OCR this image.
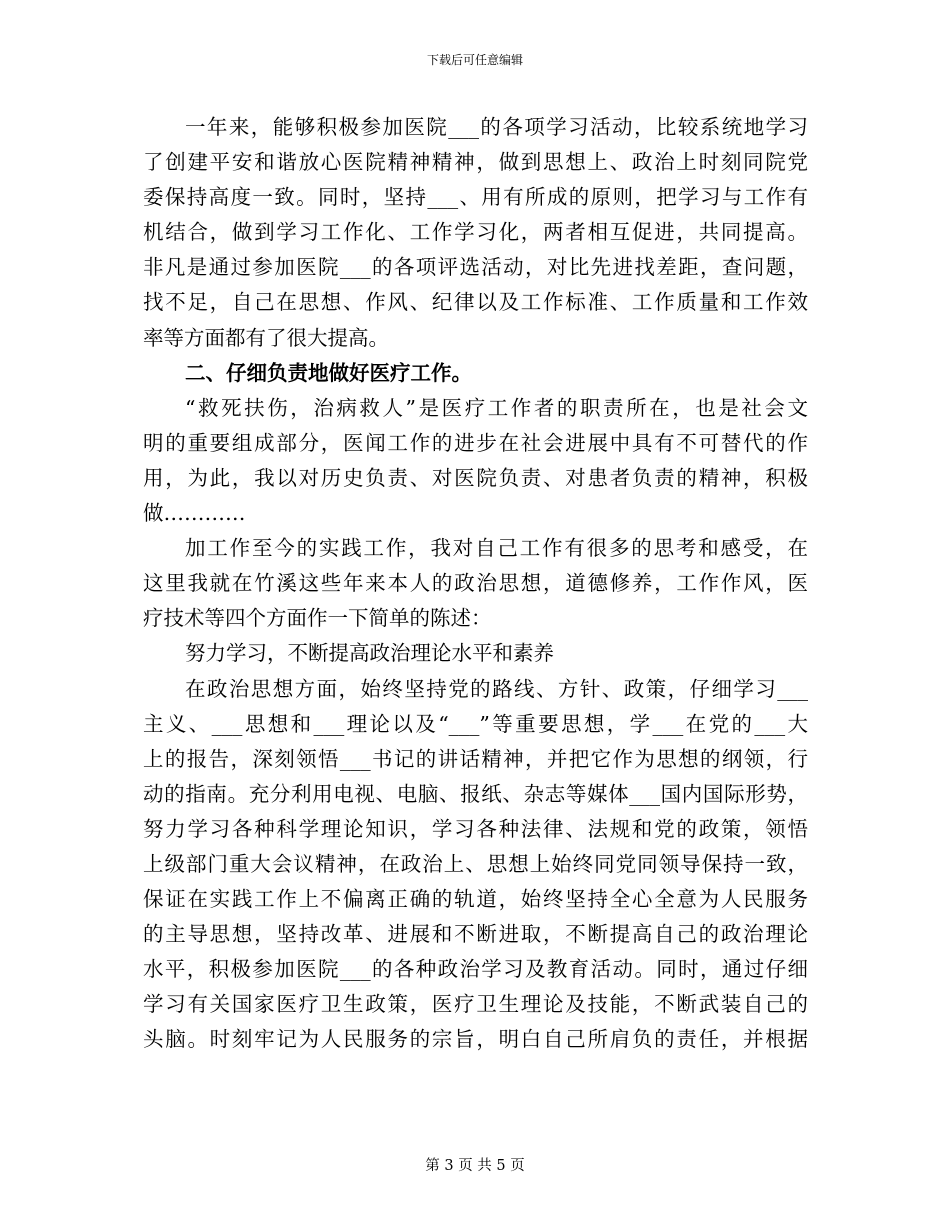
下载后可任意编辑
一年来，能够积极参加医院___的各项学习活动，比较系统地学习
了创建平安和谐放心医院精神精神，做到思想上、政治上时刻同院党
委保持高度一致。同时，坚持___、用有所成的原则，把学习与工作有
机结合，做到学习工作化、工作学习化，两者相互促进，共同提高。
非凡是通过参加医院___的各项评选活动，对比先进找差距，查问题，
找不足，自己在思想、作风、纪律以及工作标准、工作质量和工作效
率等方面都有了很大提高。
二、仔细负责地做好医疗工作。
“救死扶伤，治病救人”是医疗工作者的职责所在，也是社会文
明的重要组成部分，医闻工作的进步在社会进展中具有不可替代的作
用，为此，我以对历史负责、对医院负责、对患者负责的精神，积极
做…………
加工作至今的实践工作，我对自己工作有很多的思考和感受，在
这里我就在竹溪这些年来本人的政治思想，道德修养，工作作风，医
疗技术等四个方面作一下简单的陈述：
努力学习，不断提高政治理论水平和素养
在政治思想方面，始终坚持党的路线、方针、政策，仔细学习___
主义、___思想和___理论以及“___”等重要思想，学___在党的___大
上的报告，深刻领悟___书记的讲话精神，并把它作为思想的纲领，行
动的指南。充分利用电视、电脑、报纸、杂志等媒体___国内国际形势，
努力学习各种科学理论知识，学习各种法律、法规和党的政策，领悟
上级部门重大会议精神，在政治上、思想上始终同党同领导保持一致，
保证在实践工作上不偏离正确的轨道，始终坚持全心全意为人民服务
的主导思想，坚持改革、进展和不断进取，不断提高自己的政治理论
水平，积极参加医院___的各种政治学习及教育活动。同时，通过仔细
学习有关国家医疗卫生政策，医疗卫生理论及技能，不断武装自己的
头脑。时刻牢记为人民服务的宗旨，明白自己所肩负的责任，并根据
第 3 页 共 5 页
